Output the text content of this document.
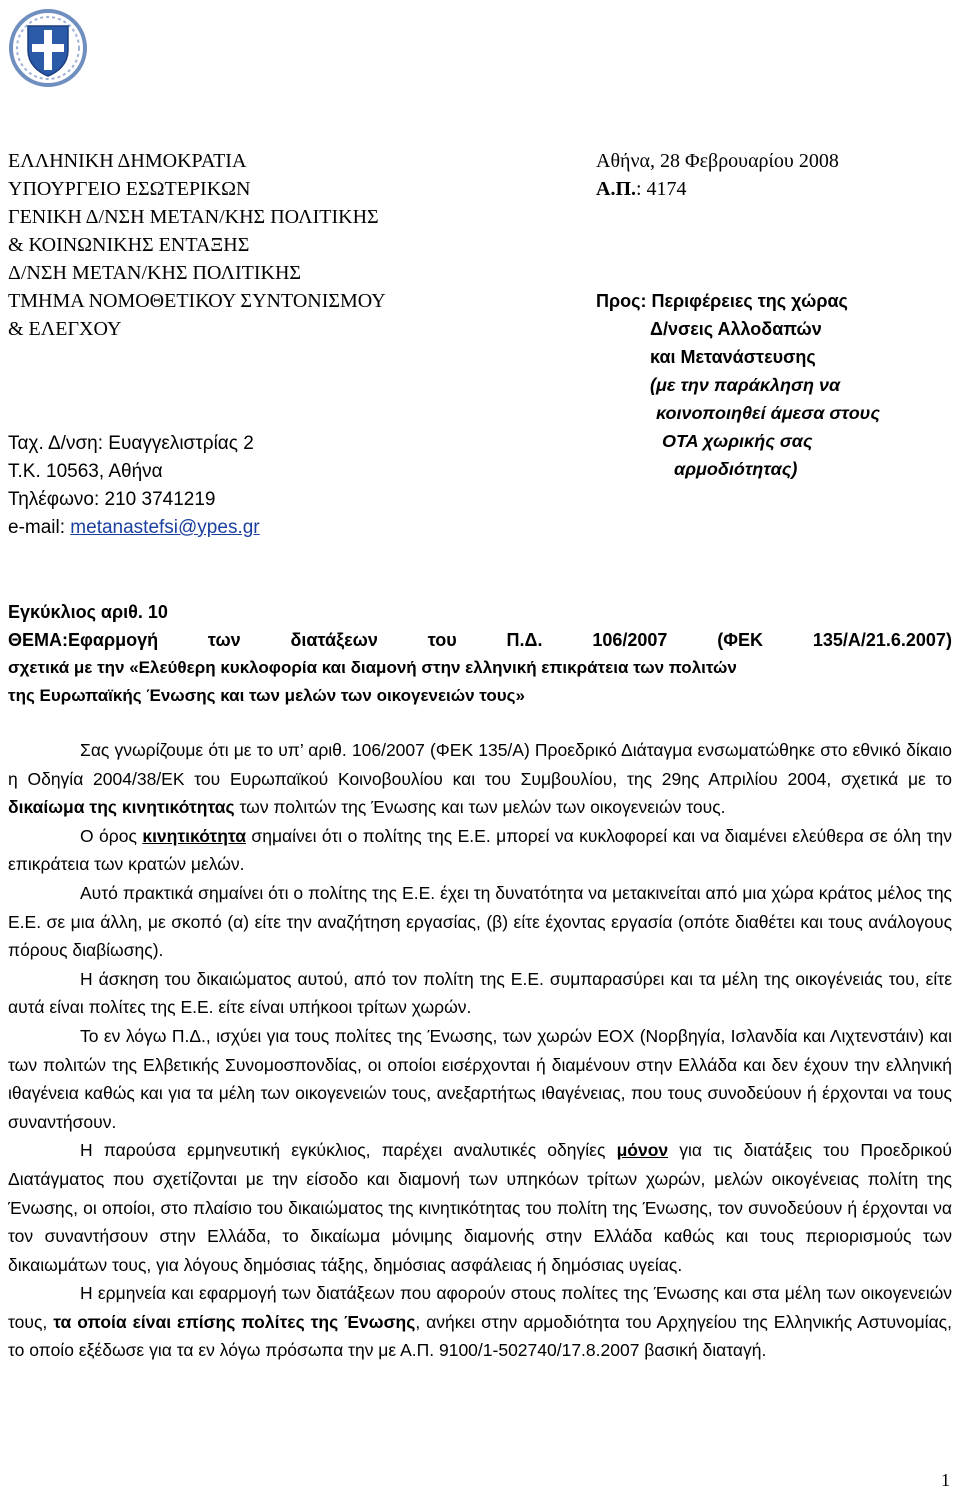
ΕΛΛΗΝΙΚΗ ΔΗΜΟΚΡΑΤΙΑ
ΥΠΟΥΡΓΕΙΟ ΕΣΩΤΕΡΙΚΩΝ
ΓΕΝΙΚΗ Δ/ΝΣΗ ΜΕΤΑΝ/ΚΗΣ ΠΟΛΙΤΙΚΗΣ
& ΚΟΙΝΩΝΙΚΗΣ ΕΝΤΑΞΗΣ
Δ/ΝΣΗ ΜΕΤΑΝ/ΚΗΣ ΠΟΛΙΤΙΚΗΣ
ΤΜΗΜΑ ΝΟΜΟΘΕΤΙΚΟΥ ΣΥΝΤΟΝΙΣΜΟΥ
& ΕΛΕΓΧΟΥ
Ταχ. Δ/νση: Ευαγγελιστρίας 2
Τ.Κ. 10563, Αθήνα
Τηλέφωνο: 210 3741219
e-mail: metanastefsi@ypes.gr
Αθήνα, 28 Φεβρουαρίου 2008
Α.Π.: 4174
Προς: Περιφέρειες της χώρας
Δ/νσεις Αλλοδαπών
και Μετανάστευσης
(με την παράκληση να
κοινοποιηθεί άμεσα στους
ΟΤΑ χωρικής σας
αρμοδιότητας)
Εγκύκλιος αριθ. 10
ΘΕΜΑ:Εφαρμογή	των	διατάξεων	του	Π.Δ.	106/2007	(ΦΕΚ	135/Α/21.6.2007)
σχετικά με την «Ελεύθερη κυκλοφορία και διαμονή στην ελληνική επικράτεια των πολιτών
της Ευρωπαϊκής Ένωσης και των μελών των οικογενειών τους»

Σας γνωρίζουμε ότι με το υπ’ αριθ. 106/2007 (ΦΕΚ 135/Α) Προεδρικό Διάταγμα ενσωματώθηκε στο εθνικό δίκαιο η Οδηγία 2004/38/ΕΚ του Ευρωπαϊκού Κοινοβουλίου και του Συμβουλίου, της 29ης Απριλίου 2004, σχετικά με το δικαίωμα της κινητικότητας των πολιτών της Ένωσης και των μελών των οικογενειών τους.

Ο όρος κινητικότητα σημαίνει ότι ο πολίτης της Ε.Ε. μπορεί να κυκλοφορεί και να διαμένει ελεύθερα σε όλη την επικράτεια των κρατών μελών.

Αυτό πρακτικά σημαίνει ότι ο πολίτης της Ε.Ε. έχει τη δυνατότητα να μετακινείται από μια χώρα κράτος μέλος της Ε.Ε. σε μια άλλη, με σκοπό (α) είτε την αναζήτηση εργασίας, (β) είτε έχοντας εργασία (οπότε διαθέτει και τους ανάλογους πόρους διαβίωσης).

Η άσκηση του δικαιώματος αυτού, από τον πολίτη της Ε.Ε. συμπαρασύρει και τα μέλη της οικογένειάς του, είτε αυτά είναι πολίτες της Ε.Ε. είτε είναι υπήκοοι τρίτων χωρών.

Το εν λόγω Π.Δ., ισχύει για τους πολίτες της Ένωσης, των χωρών ΕΟΧ (Νορβηγία, Ισλανδία και Λιχτενστάιν) και των πολιτών της Ελβετικής Συνομοσπονδίας, οι οποίοι εισέρχονται ή διαμένουν στην Ελλάδα και δεν έχουν την ελληνική ιθαγένεια καθώς και για τα μέλη των οικογενειών τους, ανεξαρτήτως ιθαγένειας, που τους συνοδεύουν ή έρχονται να τους συναντήσουν.

Η παρούσα ερμηνευτική εγκύκλιος, παρέχει αναλυτικές οδηγίες μόνον για τις διατάξεις του Προεδρικού Διατάγματος που σχετίζονται με την είσοδο και διαμονή των υπηκόων τρίτων χωρών, μελών οικογένειας πολίτη της Ένωσης, οι οποίοι, στο πλαίσιο του δικαιώματος της κινητικότητας του πολίτη της Ένωσης, τον συνοδεύουν ή έρχονται να τον συναντήσουν στην Ελλάδα, το δικαίωμα μόνιμης διαμονής στην Ελλάδα καθώς και τους περιορισμούς των δικαιωμάτων τους, για λόγους δημόσιας τάξης, δημόσιας ασφάλειας ή δημόσιας υγείας.

Η ερμηνεία και εφαρμογή των διατάξεων που αφορούν στους πολίτες της Ένωσης και στα μέλη των οικογενειών τους, τα οποία είναι επίσης πολίτες της Ένωσης, ανήκει στην αρμοδιότητα του Αρχηγείου της Ελληνικής Αστυνομίας, το οποίο εξέδωσε για τα εν λόγω πρόσωπα την με Α.Π. 9100/1-502740/17.8.2007 βασική διαταγή.

1
